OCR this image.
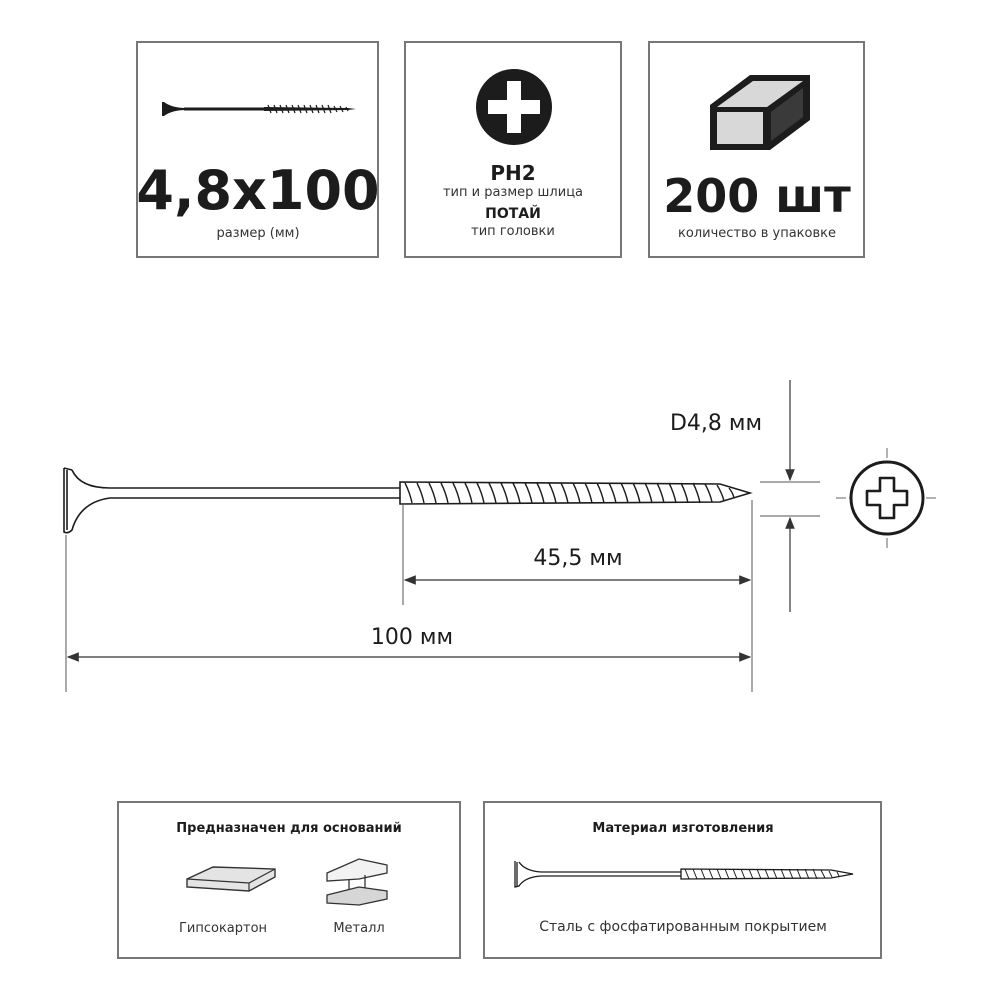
4,8x100
размер (мм)
PH2
тип и размер шлица
ПОТАЙ
тип головки
200 шт
количество в упаковке
D4,8 мм
45,5 мм
100 мм
Предназначен для оснований
Гипсокартон	Металл
Материал изготовления
Сталь с фосфатированным покрытием
